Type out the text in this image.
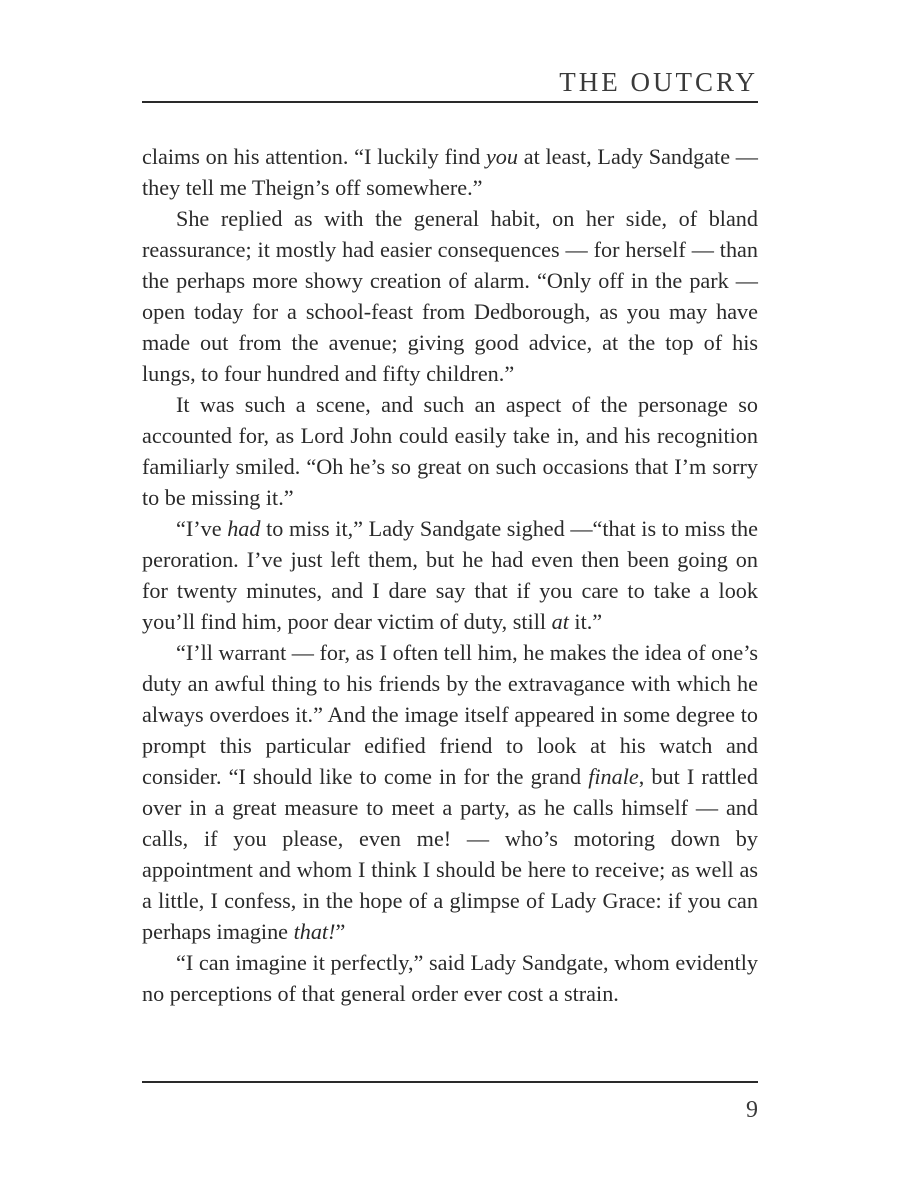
THE OUTCRY

claims on his attention. “I luckily find you at least, Lady Sandgate — they tell me Theign’s off somewhere.”

She replied as with the general habit, on her side, of bland reassurance; it mostly had easier consequences — for herself — than the perhaps more showy creation of alarm. “Only off in the park — open today for a school-feast from Dedborough, as you may have made out from the avenue; giving good advice, at the top of his lungs, to four hundred and fifty children.”

It was such a scene, and such an aspect of the personage so accounted for, as Lord John could easily take in, and his recognition familiarly smiled. “Oh he’s so great on such occasions that I’m sorry to be missing it.”

“I’ve had to miss it,” Lady Sandgate sighed —“that is to miss the peroration. I’ve just left them, but he had even then been going on for twenty minutes, and I dare say that if you care to take a look you’ll find him, poor dear victim of duty, still at it.”

“I’ll warrant — for, as I often tell him, he makes the idea of one’s duty an awful thing to his friends by the extravagance with which he always overdoes it.” And the image itself appeared in some degree to prompt this particular edified friend to look at his watch and consider. “I should like to come in for the grand finale, but I rattled over in a great measure to meet a party, as he calls himself — and calls, if you please, even me! — who’s motoring down by appointment and whom I think I should be here to receive; as well as a little, I confess, in the hope of a glimpse of Lady Grace: if you can perhaps imagine that!”

“I can imagine it perfectly,” said Lady Sandgate, whom evidently no perceptions of that general order ever cost a strain.

9
